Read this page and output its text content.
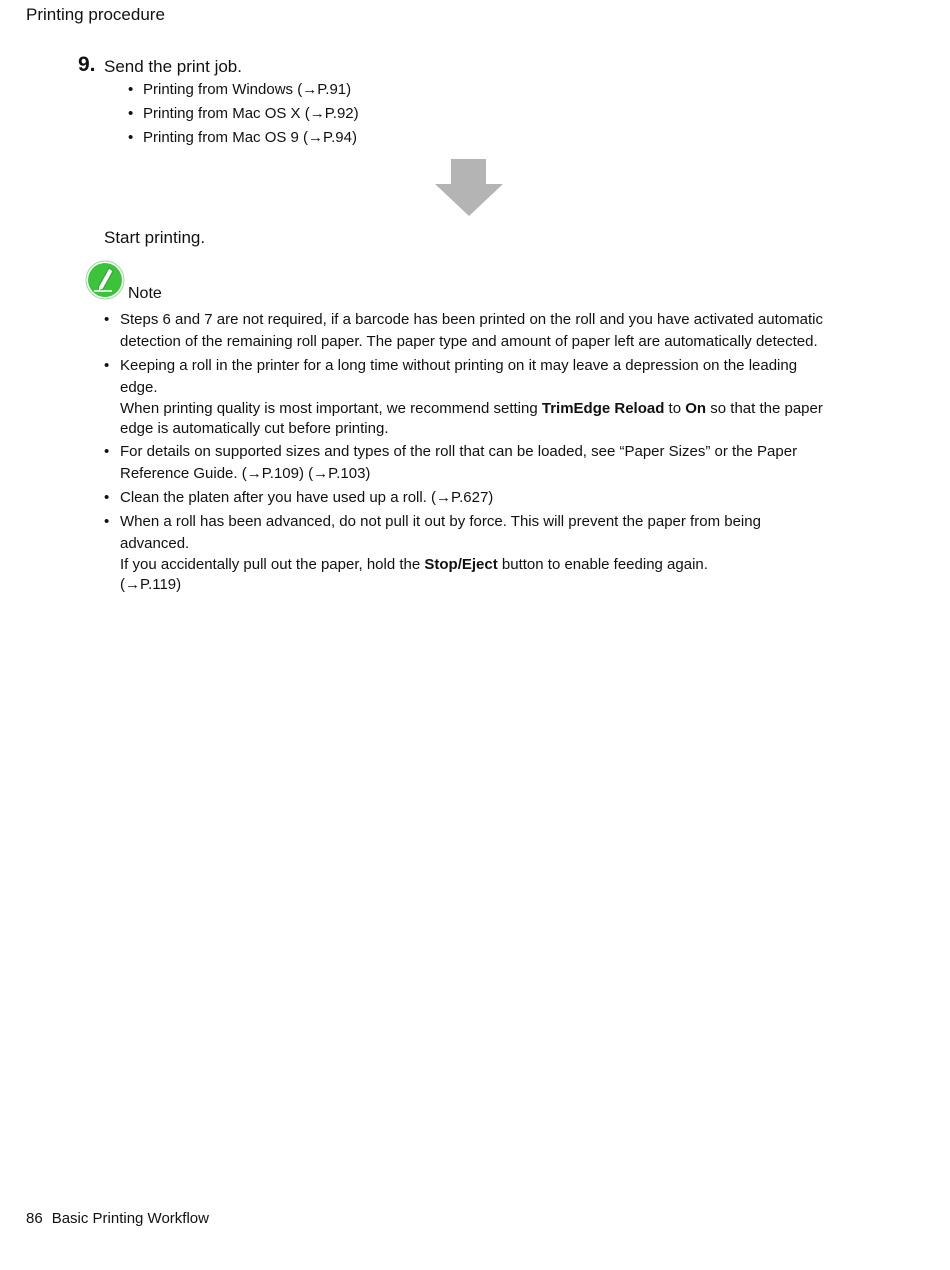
Printing procedure
9. Send the print job.
• Printing from Windows (→P.91)
• Printing from Mac OS X (→P.92)
• Printing from Mac OS 9 (→P.94)
Start printing.
Note
• Steps 6 and 7 are not required, if a barcode has been printed on the roll and you have activated automatic detection of the remaining roll paper. The paper type and amount of paper left are automatically detected.
• Keeping a roll in the printer for a long time without printing on it may leave a depression on the leading edge.
When printing quality is most important, we recommend setting TrimEdge Reload to On so that the paper edge is automatically cut before printing.
• For details on supported sizes and types of the roll that can be loaded, see “Paper Sizes” or the Paper Reference Guide. (→P.109) (→P.103)
• Clean the platen after you have used up a roll. (→P.627)
• When a roll has been advanced, do not pull it out by force. This will prevent the paper from being advanced.
If you accidentally pull out the paper, hold the Stop/Eject button to enable feeding again.
(→P.119)
86 Basic Printing Workflow
